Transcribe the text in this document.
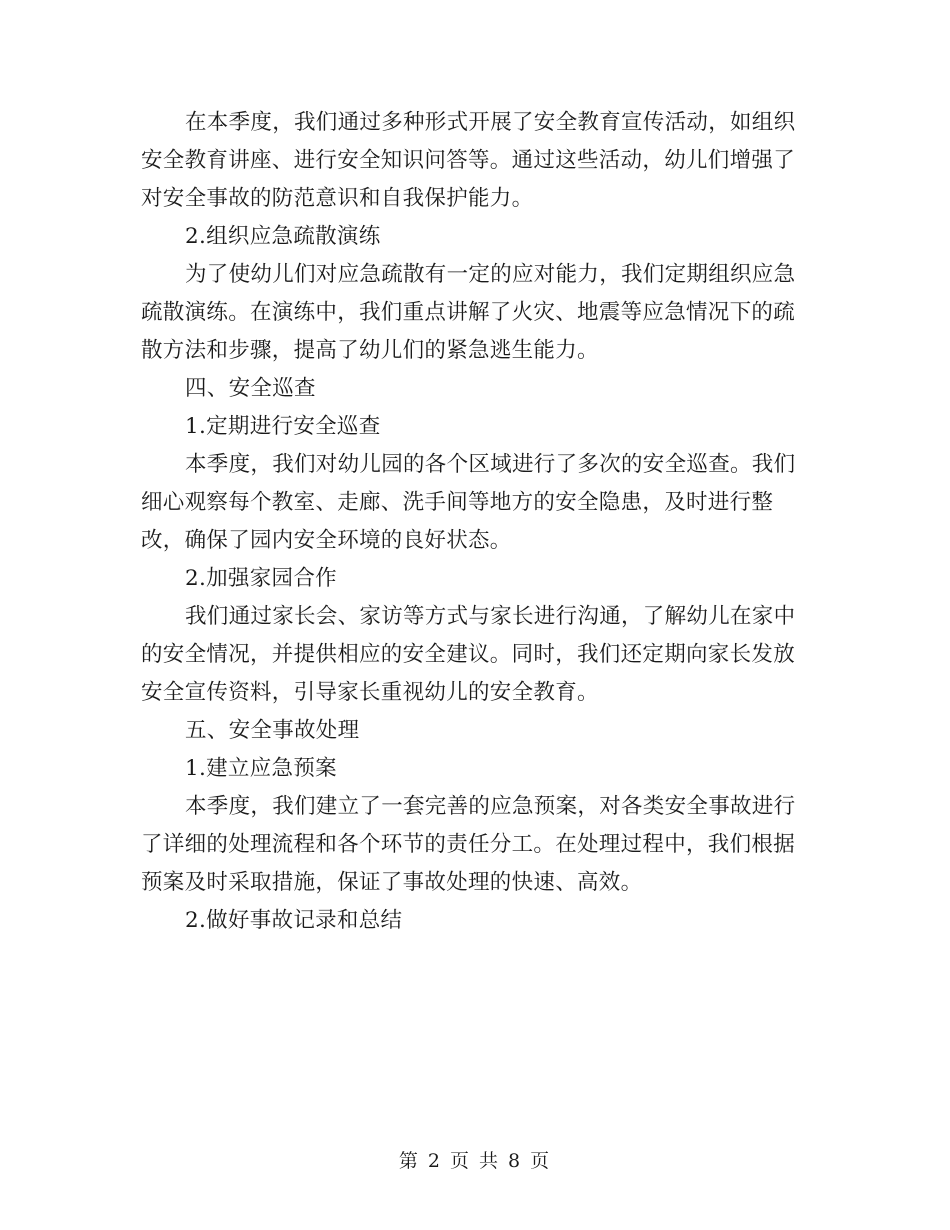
在本季度，我们通过多种形式开展了安全教育宣传活动，如组织
安全教育讲座、进行安全知识问答等。通过这些活动，幼儿们增强了
对安全事故的防范意识和自我保护能力。
2.组织应急疏散演练
为了使幼儿们对应急疏散有一定的应对能力，我们定期组织应急
疏散演练。在演练中，我们重点讲解了火灾、地震等应急情况下的疏
散方法和步骤，提高了幼儿们的紧急逃生能力。
四、安全巡查
1.定期进行安全巡查
本季度，我们对幼儿园的各个区域进行了多次的安全巡查。我们
细心观察每个教室、走廊、洗手间等地方的安全隐患，及时进行整
改，确保了园内安全环境的良好状态。
2.加强家园合作
我们通过家长会、家访等方式与家长进行沟通，了解幼儿在家中
的安全情况，并提供相应的安全建议。同时，我们还定期向家长发放
安全宣传资料，引导家长重视幼儿的安全教育。
五、安全事故处理
1.建立应急预案
本季度，我们建立了一套完善的应急预案，对各类安全事故进行
了详细的处理流程和各个环节的责任分工。在处理过程中，我们根据
预案及时采取措施，保证了事故处理的快速、高效。
2.做好事故记录和总结
第 2 页 共 8 页
